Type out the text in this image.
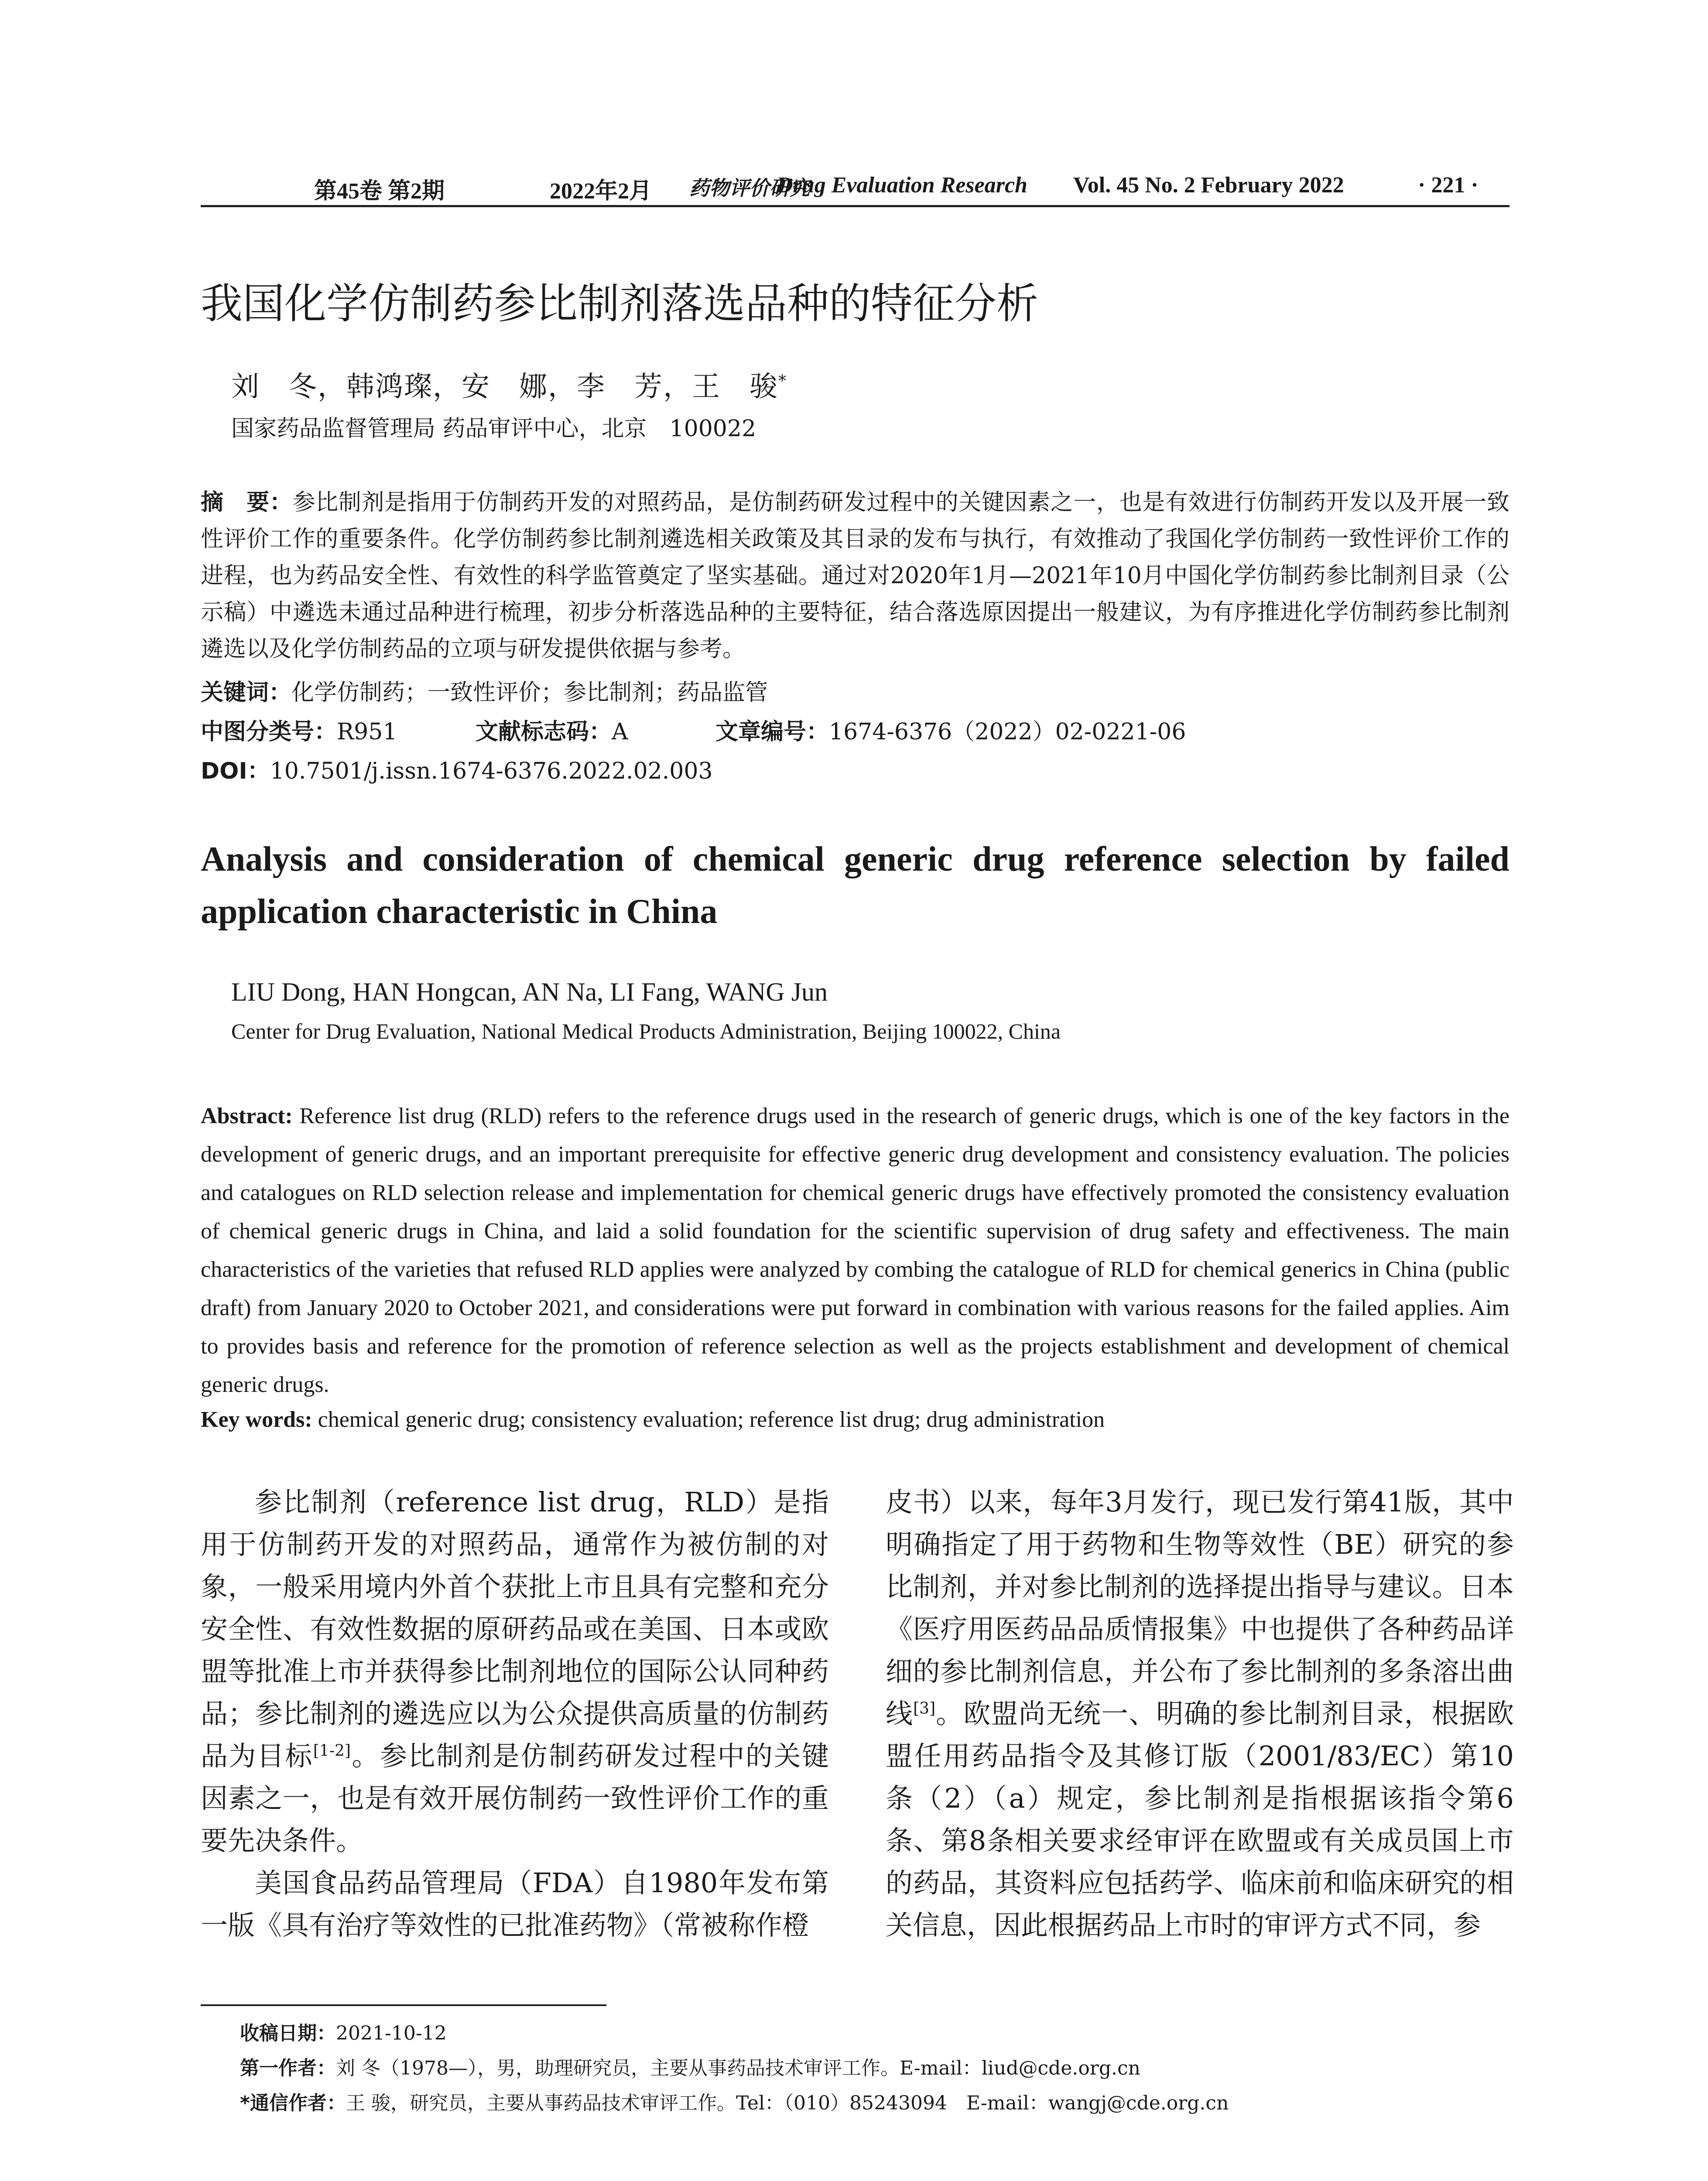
第45卷 第2期	2022年2月 药物评价研究
Drug Evaluation Research Vol. 45 No. 2 February 2022	· 221 ·
我国化学仿制药参比制剂落选品种的特征分析
刘　冬，韩鸿璨，安　娜，李　芳，王　骏*
国家药品监督管理局 药品审评中心，北京　100022
摘　要：参比制剂是指用于仿制药开发的对照药品，是仿制药研发过程中的关键因素之一，也是有效进行仿制药开发以及开展一致性评价工作的重要条件。化学仿制药参比制剂遴选相关政策及其目录的发布与执行，有效推动了我国化学仿制药一致性评价工作的进程，也为药品安全性、有效性的科学监管奠定了坚实基础。通过对2020年1月—2021年10月中国化学仿制药参比制剂目录（公示稿）中遴选未通过品种进行梳理，初步分析落选品种的主要特征，结合落选原因提出一般建议，为有序推进化学仿制药参比制剂遴选以及化学仿制药品的立项与研发提供依据与参考。
关键词：化学仿制药；一致性评价；参比制剂；药品监管
中图分类号：R951	文献标志码：A	文章编号：1674-6376（2022）02-0221-06
DOI：10.7501/j.issn.1674-6376.2022.02.003
Analysis and consideration of chemical generic drug reference selection by failed application characteristic in China
LIU Dong, HAN Hongcan, AN Na, LI Fang, WANG Jun
Center for Drug Evaluation, National Medical Products Administration, Beijing 100022, China
Abstract: Reference list drug (RLD) refers to the reference drugs used in the research of generic drugs, which is one of the key factors in the development of generic drugs, and an important prerequisite for effective generic drug development and consistency evaluation. The policies and catalogues on RLD selection release and implementation for chemical generic drugs have effectively promoted the consistency evaluation of chemical generic drugs in China, and laid a solid foundation for the scientific supervision of drug safety and effectiveness. The main characteristics of the varieties that refused RLD applies were analyzed by combing the catalogue of RLD for chemical generics in China (public draft) from January 2020 to October 2021, and considerations were put forward in combination with various reasons for the failed applies. Aim to provides basis and reference for the promotion of reference selection as well as the projects establishment and development of chemical generic drugs.
Key words: chemical generic drug; consistency evaluation; reference list drug; drug administration

参比制剂（reference list drug，RLD）是指用于仿制药开发的对照药品，通常作为被仿制的对象，一般采用境内外首个获批上市且具有完整和充分安全性、有效性数据的原研药品或在美国、日本或欧盟等批准上市并获得参比制剂地位的国际公认同种药品；参比制剂的遴选应以为公众提供高质量的仿制药品为目标[1-2]。参比制剂是仿制药研发过程中的关键因素之一，也是有效开展仿制药一致性评价工作的重要先决条件。

美国食品药品管理局（FDA）自1980年发布第一版《具有治疗等效性的已批准药物》（常被称作橙

皮书）以来，每年3月发行，现已发行第41版，其中明确指定了用于药物和生物等效性（BE）研究的参比制剂，并对参比制剂的选择提出指导与建议。日本《医疗用医药品品质情报集》中也提供了各种药品详细的参比制剂信息，并公布了参比制剂的多条溶出曲线[3]。欧盟尚无统一、明确的参比制剂目录，根据欧盟任用药品指令及其修订版（2001/83/EC）第10条（2）（a）规定，参比制剂是指根据该指令第6条、第8条相关要求经审评在欧盟或有关成员国上市的药品，其资料应包括药学、临床前和临床研究的相关信息，因此根据药品上市时的审评方式不同，参

收稿日期：2021-10-12
第一作者：刘 冬（1978—），男，助理研究员，主要从事药品技术审评工作。E-mail：liud@cde.org.cn
*通信作者：王 骏，研究员，主要从事药品技术审评工作。Tel：（010）85243094　E-mail：wangj@cde.org.cn
